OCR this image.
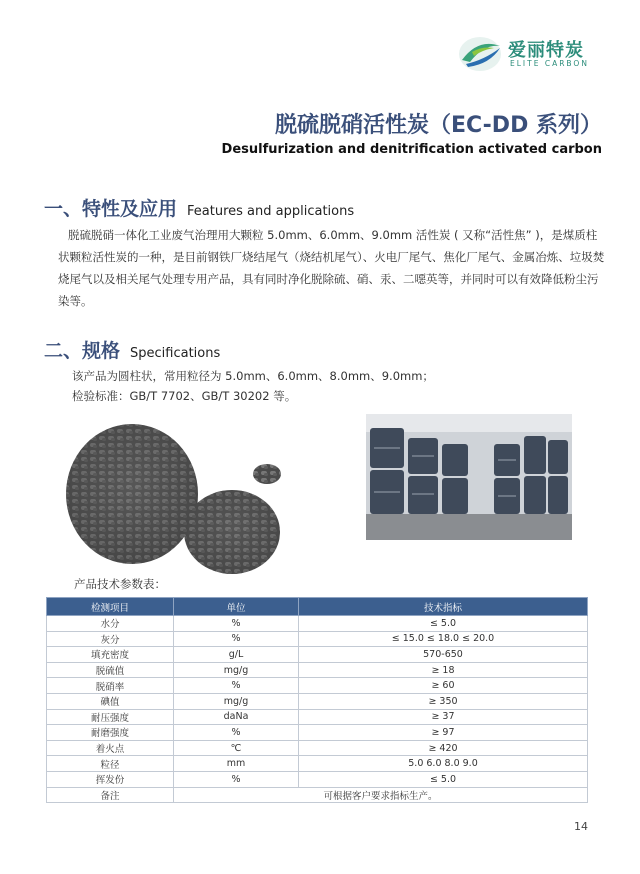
爱丽特炭
ELITE CARBON
脱硫脱硝活性炭（EC-DD 系列）
Desulfurization and denitrification activated carbon
一、特性及应用 Features and applications
脱硫脱硝一体化工业废气治理用大颗粒 5.0mm、6.0mm、9.0mm 活性炭 ( 又称“活性焦” )，是煤质柱状颗粒活性炭的一种，是目前钢铁厂烧结尾气（烧结机尾气）、火电厂尾气、焦化厂尾气、金属冶炼、垃圾焚烧尾气以及相关尾气处理专用产品，具有同时净化脱除硫、硝、汞、二噁英等，并同时可以有效降低粉尘污染等。
二、规格 Specifications
该产品为圆柱状，常用粒径为 5.0mm、6.0mm、8.0mm、9.0mm；
检验标准：GB/T 7702、GB/T 30202 等。
产品技术参数表：
检测项目	单位	技术指标
水分	%	≤ 5.0
灰分	%	≤ 15.0 ≤ 18.0 ≤ 20.0
填充密度	g/L	570-650
脱硫值	mg/g	≥ 18
脱硝率	%	≥ 60
碘值	mg/g	≥ 350
耐压强度	daNa	≥ 37
耐磨强度	%	≥ 97
着火点	℃	≥ 420
粒径	mm	5.0 6.0 8.0 9.0
挥发份	%	≤ 5.0
备注	可根据客户要求指标生产。	
14
